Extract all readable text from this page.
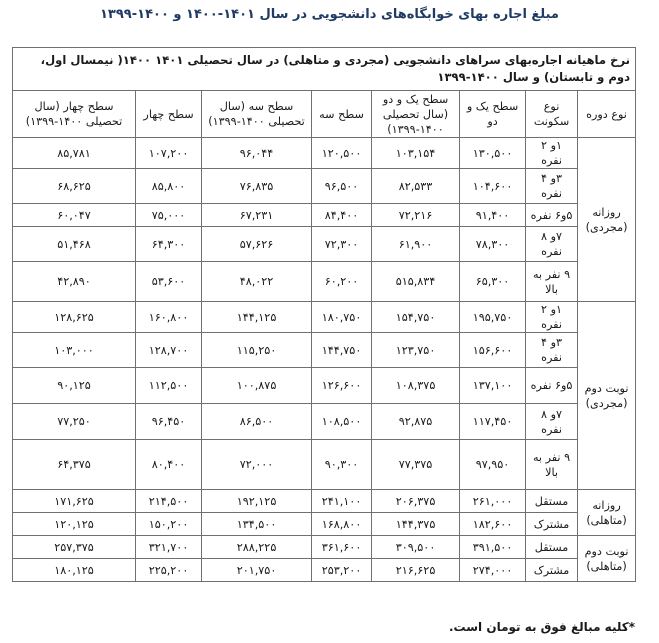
مبلغ اجاره بهای خوابگاه‌های دانشجویی در سال ۱۴۰۱-۱۴۰۰ و ۱۴۰۰-۱۳۹۹
نرخ ماهیانه اجاره‌بهای سراهای دانشجویی (مجردی و متاهلی) در سال تحصیلی ۱۴۰۱ ۱۴۰۰( نیمسال اول، دوم و تابستان) و سال ۱۴۰۰-۱۳۹۹							
نوع دوره	نوع سکونت	سطح یک و دو	سطح یک و دو (سال تحصیلی ۱۴۰۰-۱۳۹۹)	سطح سه	سطح سه (سال تحصیلی ۱۴۰۰-۱۳۹۹)	سطح چهار	سطح چهار (سال تحصیلی ۱۴۰۰-۱۳۹۹)
روزانه (مجردی)	۱و ۲ نفره	۱۳۰,۵۰۰	۱۰۳,۱۵۴	۱۲۰,۵۰۰	۹۶,۰۴۴	۱۰۷,۲۰۰	۸۵,۷۸۱
	۳و ۴ نفره	۱۰۴,۶۰۰	۸۲,۵۳۳	۹۶,۵۰۰	۷۶,۸۳۵	۸۵,۸۰۰	۶۸,۶۲۵
	۵و۶ نفره	۹۱,۴۰۰	۷۲,۲۱۶	۸۴,۴۰۰	۶۷,۲۳۱	۷۵,۰۰۰	۶۰,۰۴۷
	۷و ۸ نفره	۷۸,۳۰۰	۶۱,۹۰۰	۷۲,۳۰۰	۵۷,۶۲۶	۶۴,۳۰۰	۵۱,۴۶۸
	۹ نفر به بالا	۶۵,۳۰۰	۵۱۵,۸۳۴	۶۰,۲۰۰	۴۸,۰۲۲	۵۳,۶۰۰	۴۲,۸۹۰
نوبت دوم (مجردی)	۱و ۲ نفره	۱۹۵,۷۵۰	۱۵۴,۷۵۰	۱۸۰,۷۵۰	۱۴۴,۱۲۵	۱۶۰,۸۰۰	۱۲۸,۶۲۵
	۳و ۴ نفره	۱۵۶,۶۰۰	۱۲۳,۷۵۰	۱۴۴,۷۵۰	۱۱۵,۲۵۰	۱۲۸,۷۰۰	۱۰۳,۰۰۰
	۵و۶ نفره	۱۳۷,۱۰۰	۱۰۸,۳۷۵	۱۲۶,۶۰۰	۱۰۰,۸۷۵	۱۱۲,۵۰۰	۹۰,۱۲۵
	۷و ۸ نفره	۱۱۷,۴۵۰	۹۲,۸۷۵	۱۰۸,۵۰۰	۸۶,۵۰۰	۹۶,۴۵۰	۷۷,۲۵۰
	۹ نفر به بالا	۹۷,۹۵۰	۷۷,۳۷۵	۹۰,۳۰۰	۷۲,۰۰۰	۸۰,۴۰۰	۶۴,۳۷۵
روزانه (متاهلی)	مستقل	۲۶۱,۰۰۰	۲۰۶,۳۷۵	۲۴۱,۱۰۰	۱۹۲,۱۲۵	۲۱۴,۵۰۰	۱۷۱,۶۲۵
	مشترک	۱۸۲,۶۰۰	۱۴۴,۳۷۵	۱۶۸,۸۰۰	۱۳۴,۵۰۰	۱۵۰,۲۰۰	۱۲۰,۱۲۵
نوبت دوم (متاهلی)	مستقل	۳۹۱,۵۰۰	۳۰۹,۵۰۰	۳۶۱,۶۰۰	۲۸۸,۲۲۵	۳۲۱,۷۰۰	۲۵۷,۳۷۵
	مشترک	۲۷۴,۰۰۰	۲۱۶,۶۲۵	۲۵۳,۲۰۰	۲۰۱,۷۵۰	۲۲۵,۲۰۰	۱۸۰,۱۲۵
*کلیه مبالغ فوق به تومان است.
